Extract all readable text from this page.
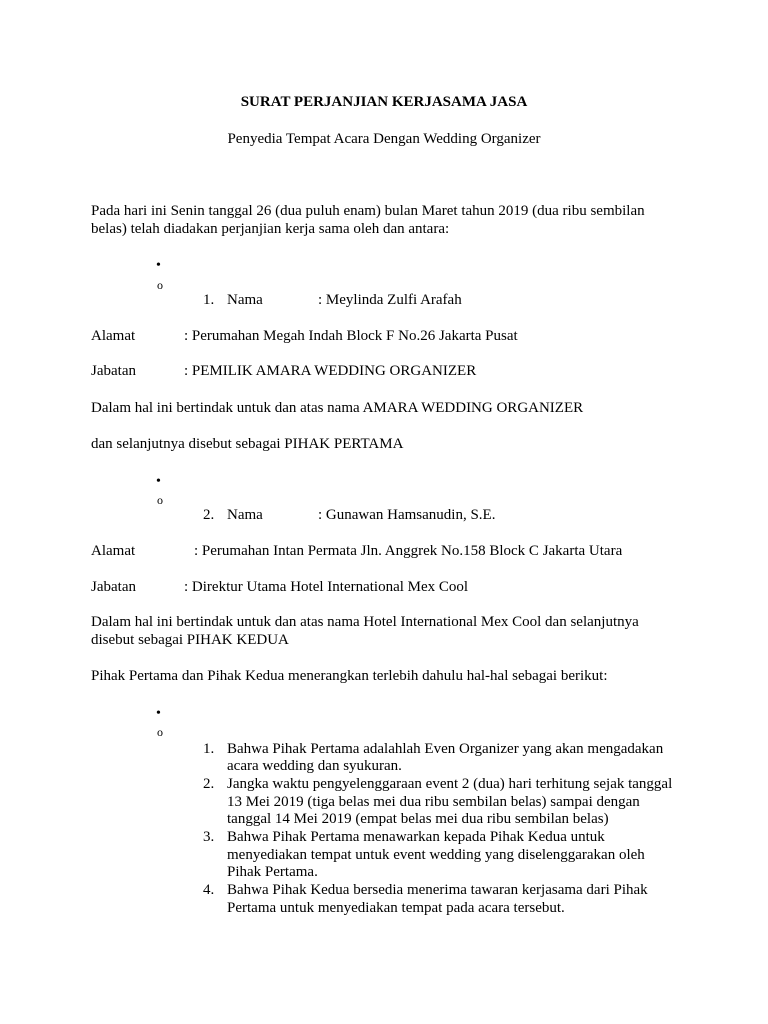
SURAT PERJANJIAN KERJASAMA JASA
Penyedia Tempat Acara Dengan Wedding Organizer
Pada hari ini Senin tanggal 26 (dua puluh enam) bulan Maret tahun 2019 (dua ribu sembilan
belas) telah diadakan perjanjian kerja sama oleh dan antara:
•
o
1. Nama	: Meylinda Zulfi Arafah
Alamat	: Perumahan Megah Indah Block F No.26 Jakarta Pusat
Jabatan	: PEMILIK AMARA WEDDING ORGANIZER
Dalam hal ini bertindak untuk dan atas nama AMARA WEDDING ORGANIZER
dan selanjutnya disebut sebagai PIHAK PERTAMA
•
o
2. Nama	: Gunawan Hamsanudin, S.E.
Alamat	: Perumahan Intan Permata Jln. Anggrek No.158 Block C Jakarta Utara
Jabatan	: Direktur Utama Hotel International Mex Cool
Dalam hal ini bertindak untuk dan atas nama Hotel International Mex Cool dan selanjutnya
disebut sebagai PIHAK KEDUA
Pihak Pertama dan Pihak Kedua menerangkan terlebih dahulu hal-hal sebagai berikut:
•
o
1. Bahwa Pihak Pertama adalahlah Even Organizer yang akan mengadakan
acara wedding dan syukuran.
2. Jangka waktu pengyelenggaraan event 2 (dua) hari terhitung sejak tanggal
13 Mei 2019 (tiga belas mei dua ribu sembilan belas) sampai dengan
tanggal 14 Mei 2019 (empat belas mei dua ribu sembilan belas)
3. Bahwa Pihak Pertama menawarkan kepada Pihak Kedua untuk
menyediakan tempat untuk event wedding yang diselenggarakan oleh
Pihak Pertama.
4. Bahwa Pihak Kedua bersedia menerima tawaran kerjasama dari Pihak
Pertama untuk menyediakan tempat pada acara tersebut.
